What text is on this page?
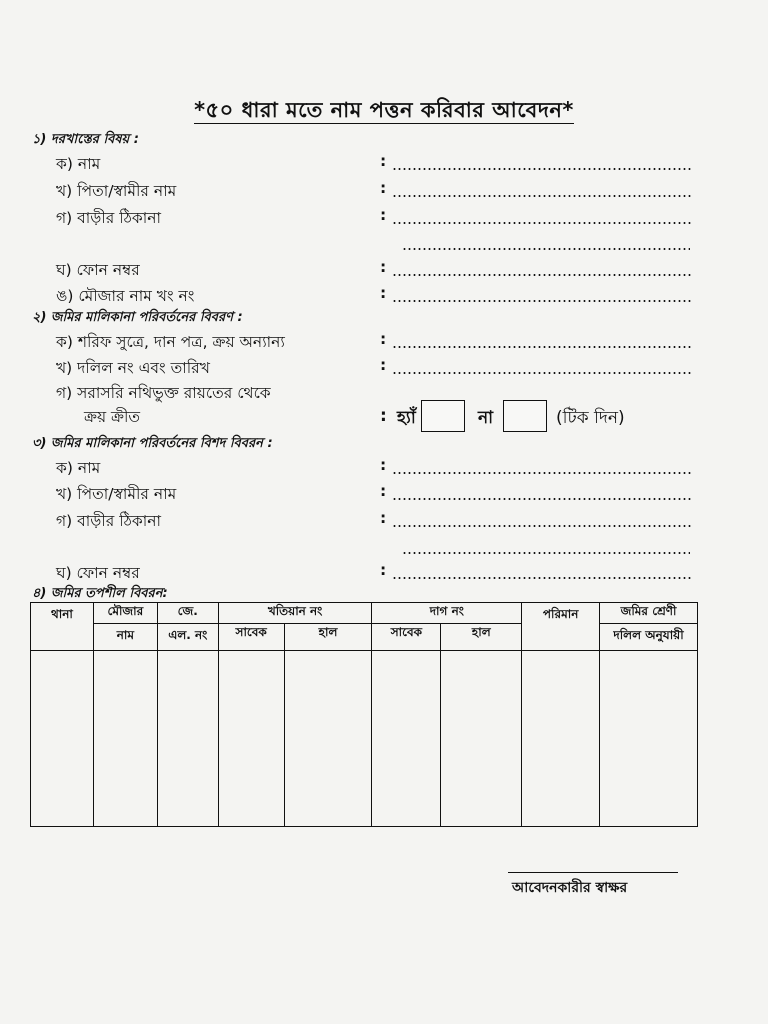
*৫০ ধারা মতে নাম পত্তন করিবার আবেদন*
১) দরখাস্তের বিষয় :
ক) নাম	:
খ) পিতা/স্বামীর নাম	:
গ) বাড়ীর ঠিকানা	:
ঘ) ফোন নম্বর	:
ঙ) মৌজার নাম খং নং	:
২) জমির মালিকানা পরিবর্তনের বিবরণ :
ক) শরিফ সুত্রে, দান পত্র, ক্রয় অন্যান্য	:
খ) দলিল নং এবং তারিখ	:
গ) সরাসরি নথিভুক্ত রায়তের থেকে
ক্রয় ক্রীত	: হ্যাঁ	না	(টিক দিন)
৩) জমির মালিকানা পরিবর্তনের বিশদ বিবরন :
ক) নাম	:
খ) পিতা/স্বামীর নাম	:
গ) বাড়ীর ঠিকানা	:
ঘ) ফোন নম্বর	:
৪) জমির তপশীল বিবরন:
থানা	মৌজার	জে.	খতিয়ান নং		দাগ নং		পরিমান	জমির শ্রেণী
	নাম	এল. নং	সাবেক	হাল	সাবেক	হাল		দলিল অনুযায়ী

আবেদনকারীর স্বাক্ষর
